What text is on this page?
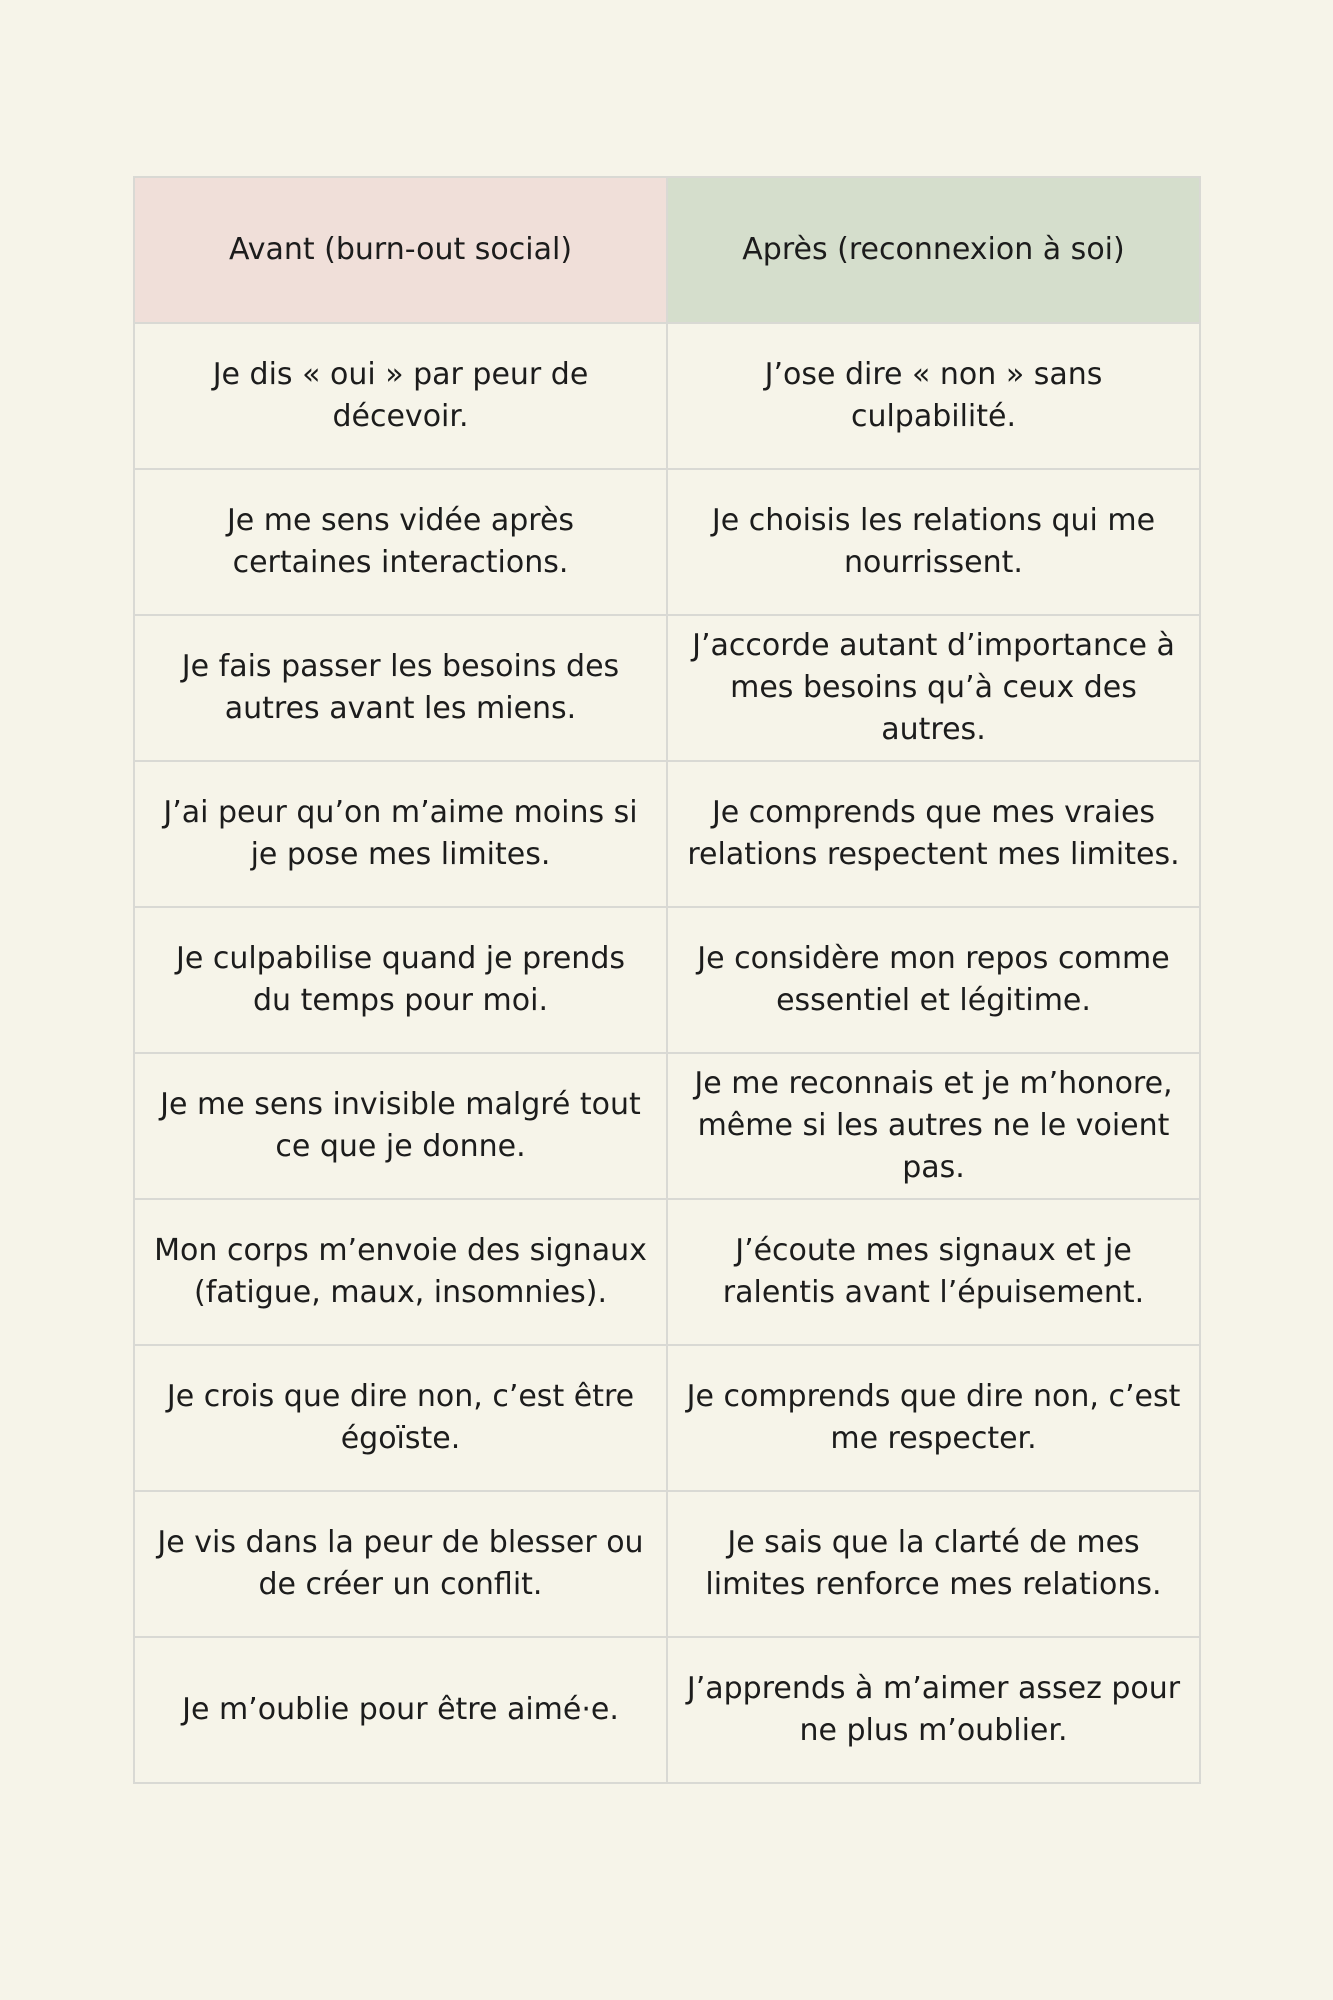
Avant (burn-out social)	Après (reconnexion à soi)
Je dis « oui » par peur de décevoir.	J’ose dire « non » sans culpabilité.
Je me sens vidée après certaines interactions.	Je choisis les relations qui me nourrissent.
Je fais passer les besoins des autres avant les miens.	J’accorde autant d’importance à mes besoins qu’à ceux des autres.
J’ai peur qu’on m’aime moins si je pose mes limites.	Je comprends que mes vraies relations respectent mes limites.
Je culpabilise quand je prends du temps pour moi.	Je considère mon repos comme essentiel et légitime.
Je me sens invisible malgré tout ce que je donne.	Je me reconnais et je m’honore, même si les autres ne le voient pas.
Mon corps m’envoie des signaux (fatigue, maux, insomnies).	J’écoute mes signaux et je ralentis avant l’épuisement.
Je crois que dire non, c’est être égoïste.	Je comprends que dire non, c’est me respecter.
Je vis dans la peur de blesser ou de créer un conflit.	Je sais que la clarté de mes limites renforce mes relations.
Je m’oublie pour être aimé·e.	J’apprends à m’aimer assez pour ne plus m’oublier.
